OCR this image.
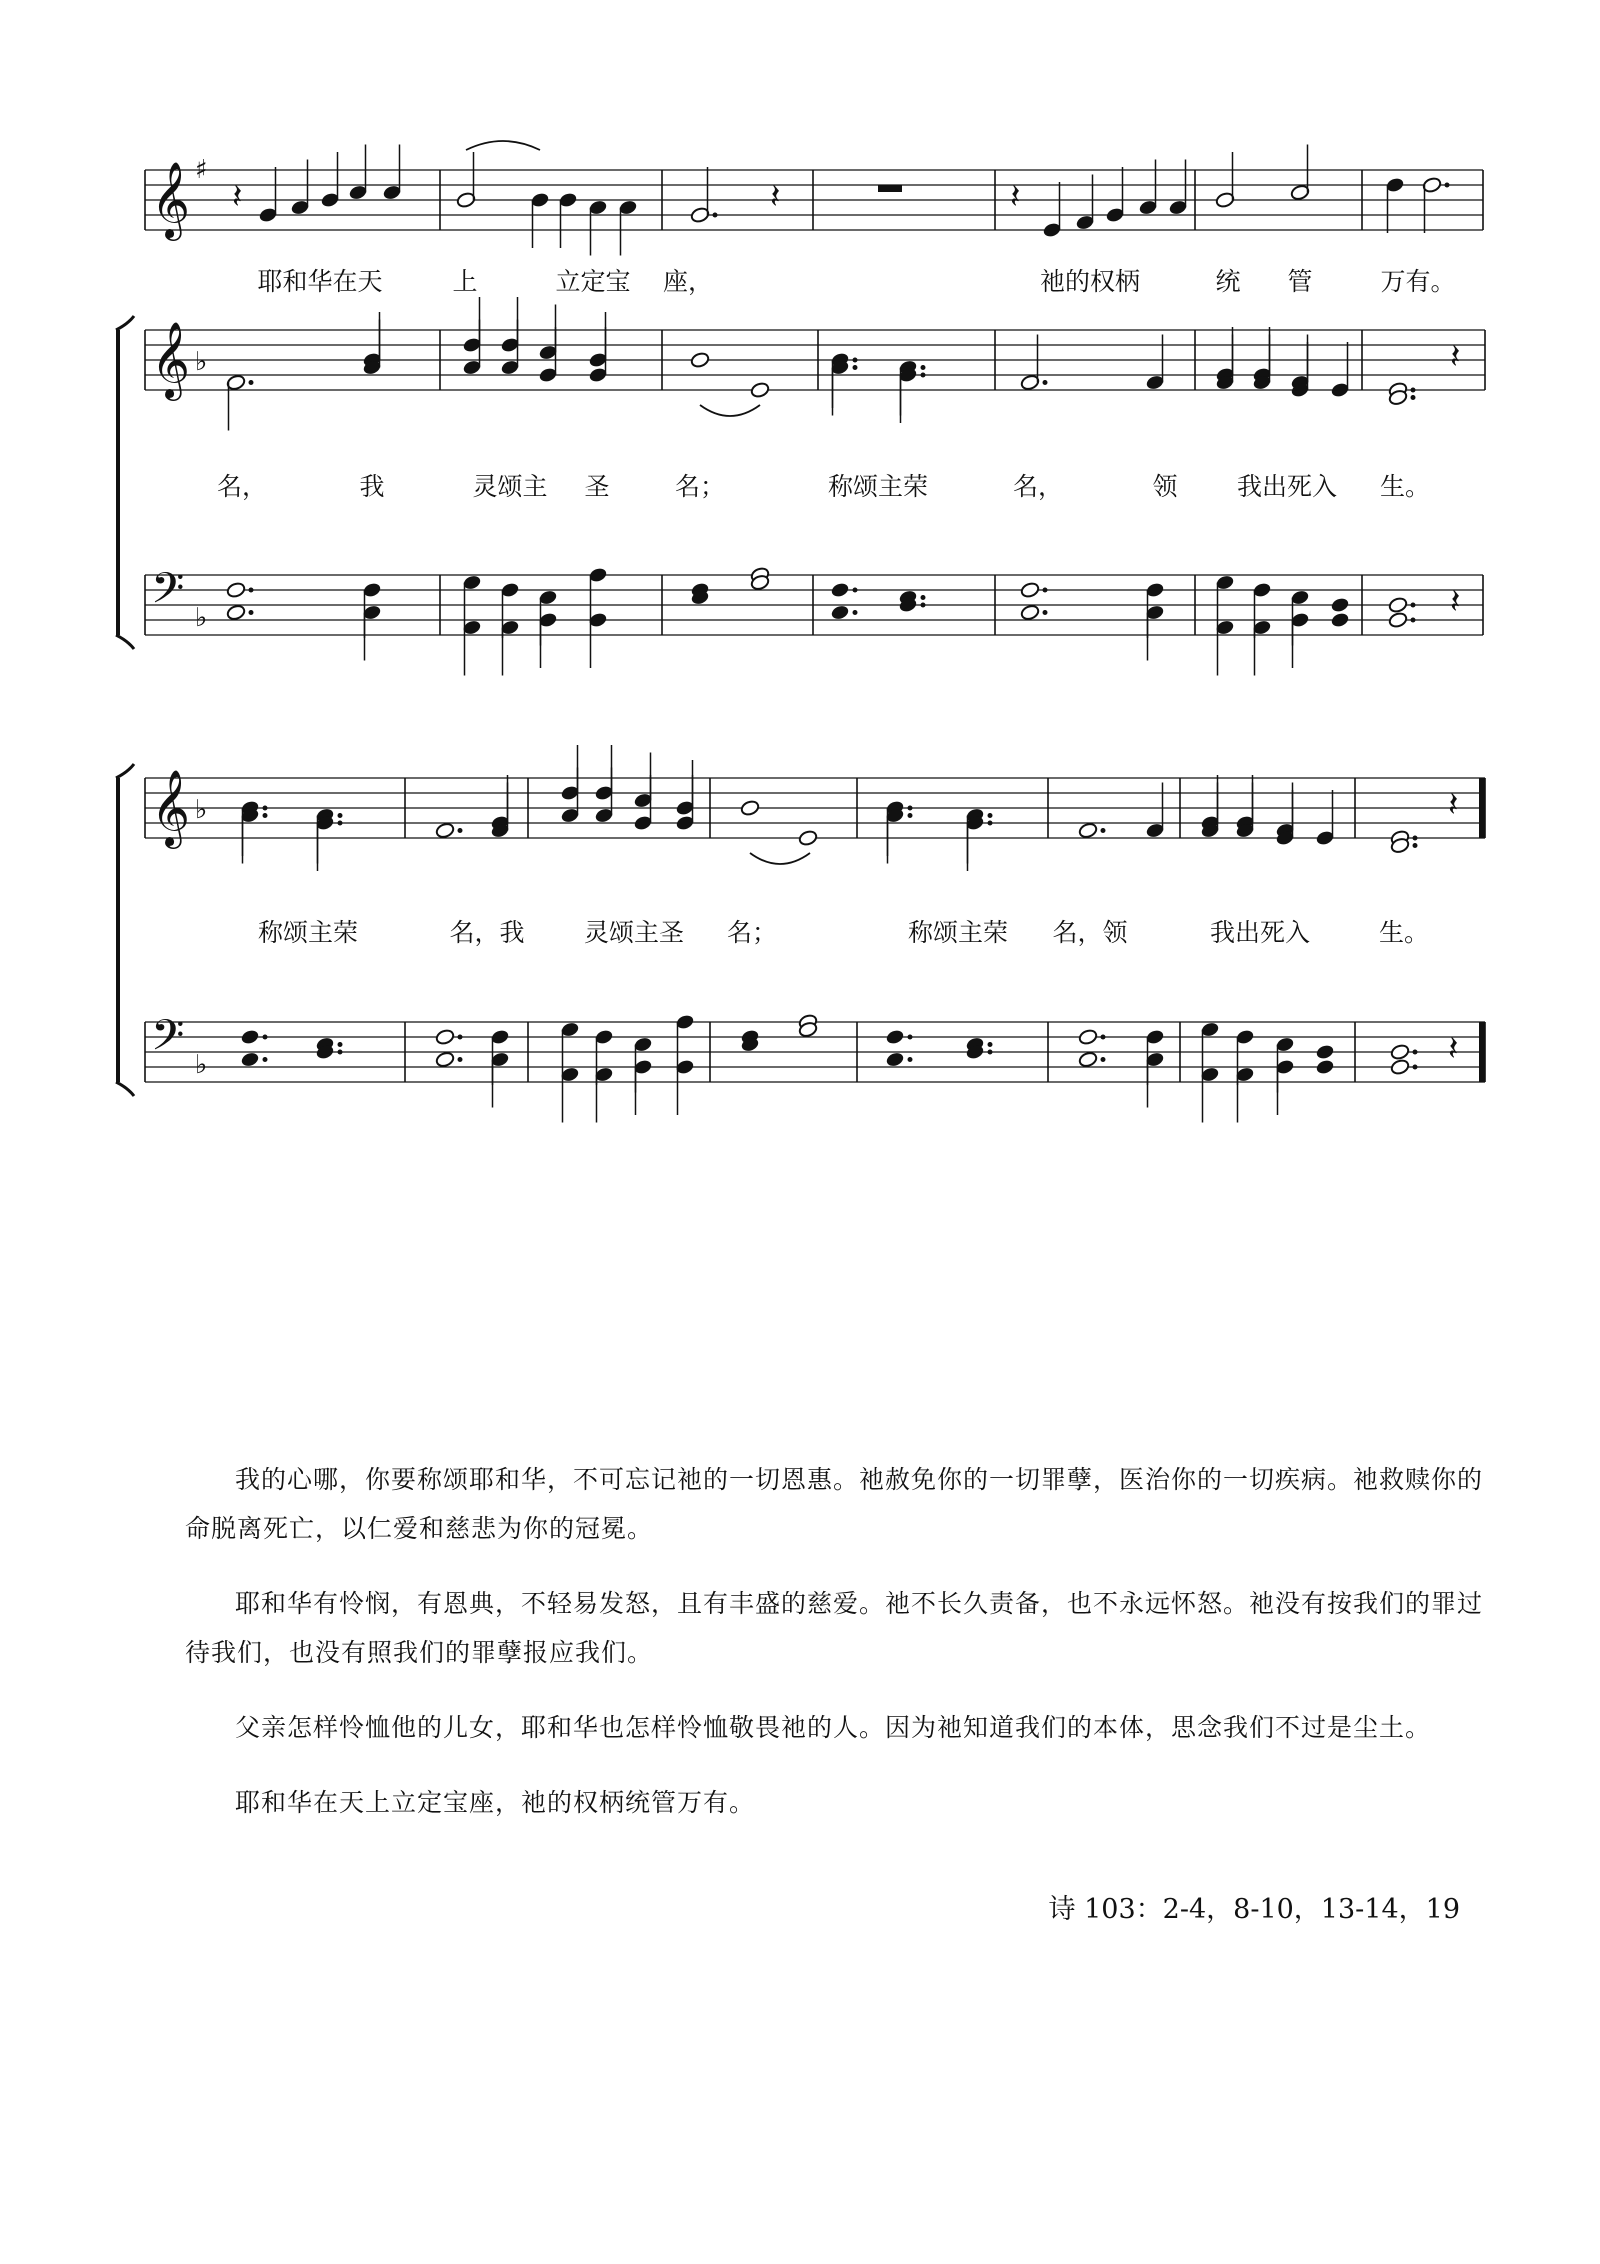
𝄞 ♯
𝄽	𝄽	𝄽
𝄞 ♭	𝄽
𝄢 ♭	𝄽
𝄞 ♭	𝄽
𝄢 ♭	𝄽
耶和华在天	上	立定宝 座，	祂的权柄	统 管	万有。
名，	我	灵颂主 圣	名；	称颂主荣	名，	领 我出死入 生。
称颂主荣	名，我 灵颂主圣 名；	称颂主荣 名，领	我出死入	生。

我的心哪，你要称颂耶和华，不可忘记祂的一切恩惠。祂赦免你的一切罪孽，医治你的一切疾病。祂救赎你的命脱离死亡，以仁爱和慈悲为你的冠冕。

耶和华有怜悯，有恩典，不轻易发怒，且有丰盛的慈爱。祂不长久责备，也不永远怀怒。祂没有按我们的罪过待我们，也没有照我们的罪孽报应我们。

父亲怎样怜恤他的儿女，耶和华也怎样怜恤敬畏祂的人。因为祂知道我们的本体，思念我们不过是尘土。

耶和华在天上立定宝座，祂的权柄统管万有。

诗 103：2-4，8-10，13-14，19
